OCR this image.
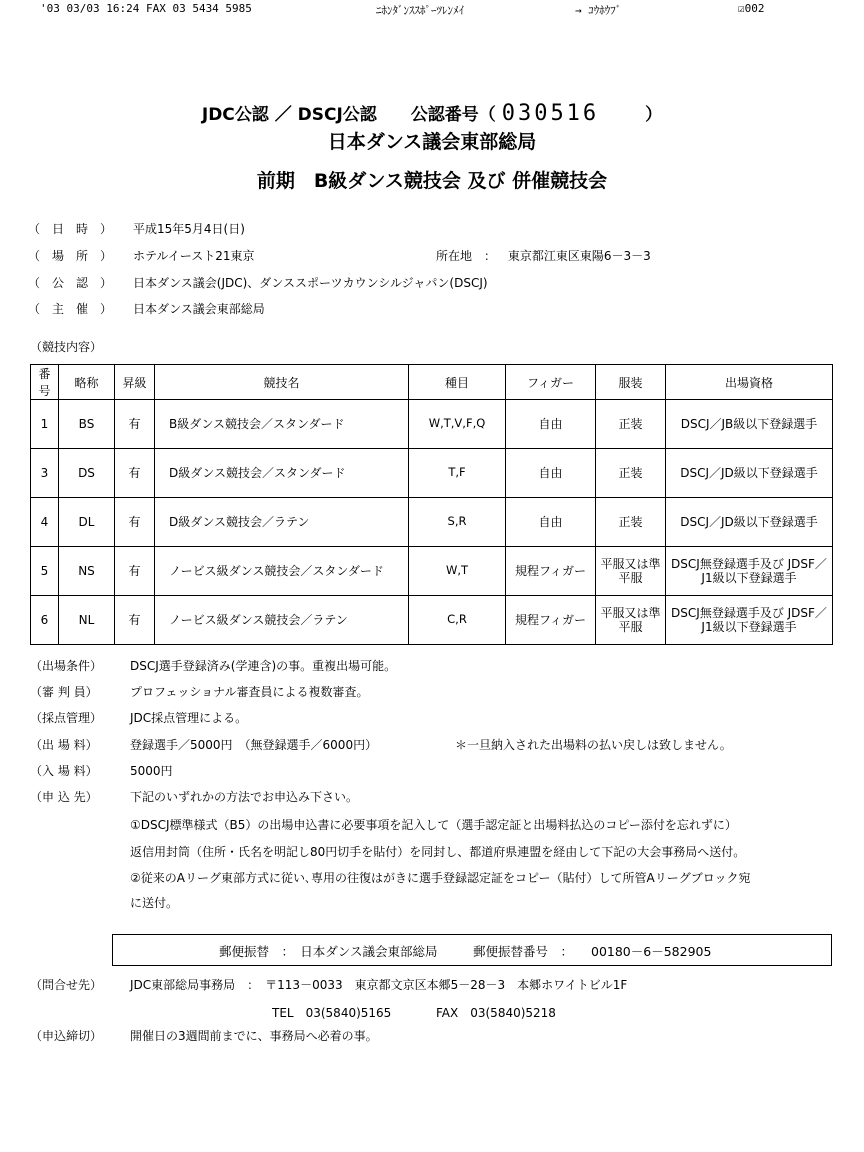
'03 03/03 16:24 FAX 03 5434 5985	ﾆﾎﾝﾀﾞﾝｽｽﾎﾟｰﾂﾚﾝﾒｲ	→ ｺｳﾎｳﾌﾞ	☑002
JDC公認 ／ DSCJ公認　　公認番号（ 030516	）
日本ダンス議会東部総局
前期　B級ダンス競技会 及び 併催競技会
（　日　時　） 平成15年5月4日(日)
（　場　所　） ホテルイースト21東京	所在地　： 東京都江東区東陽6－3－3
（　公　認　） 日本ダンス議会(JDC)、ダンススポーツカウンシルジャパン(DSCJ)
（　主　催　） 日本ダンス議会東部総局
（競技内容）
番号	略称	昇級	競技名	種目	フィガー	服装	出場資格
1	BS	有	B級ダンス競技会／スタンダード	W,T,V,F,Q	自由	正装	DSCJ／JB級以下登録選手
3	DS	有	D級ダンス競技会／スタンダード	T,F	自由	正装	DSCJ／JD級以下登録選手
4	DL	有	D級ダンス競技会／ラテン	S,R	自由	正装	DSCJ／JD級以下登録選手
5	NS	有	ノービス級ダンス競技会／スタンダード	W,T	規程フィガー	平服又は準平服	DSCJ無登録選手及び JDSF／J1級以下登録選手
6	NL	有	ノービス級ダンス競技会／ラテン	C,R	規程フィガー	平服又は準平服	DSCJ無登録選手及び JDSF／J1級以下登録選手
（出場条件） DSCJ選手登録済み(学連含)の事。重複出場可能。
（審 判 員）	プロフェッショナル審査員による複数審査。
（採点管理） JDC採点管理による。
（出 場 料）	登録選手／5000円　（無登録選手／6000円）	＊一旦納入された出場料の払い戻しは致しません。
（入 場 料）	5000円
（申 込 先）	下記のいずれかの方法でお申込み下さい。
①DSCJ標準様式（B5）の出場申込書に必要事項を記入して（選手認定証と出場料払込のコピー添付を忘れずに）
返信用封筒（住所・氏名を明記し80円切手を貼付）を同封し、都道府県連盟を経由して下記の大会事務局へ送付。
②従来のAリーグ東部方式に従い､専用の往復はがきに選手登録認定証をコピー（貼付）して所管Aリーグブロック宛
に送付。
郵便振替　：　日本ダンス議会東部総局	郵便振替番号　： 00180－6－582905
（問合せ先） JDC東部総局事務局　：　〒113－0033　東京都文京区本郷5－28－3　本郷ホワイトビル1F
TEL　03(5840)5165	FAX　03(5840)5218
（申込締切） 開催日の3週間前までに、事務局へ必着の事。
